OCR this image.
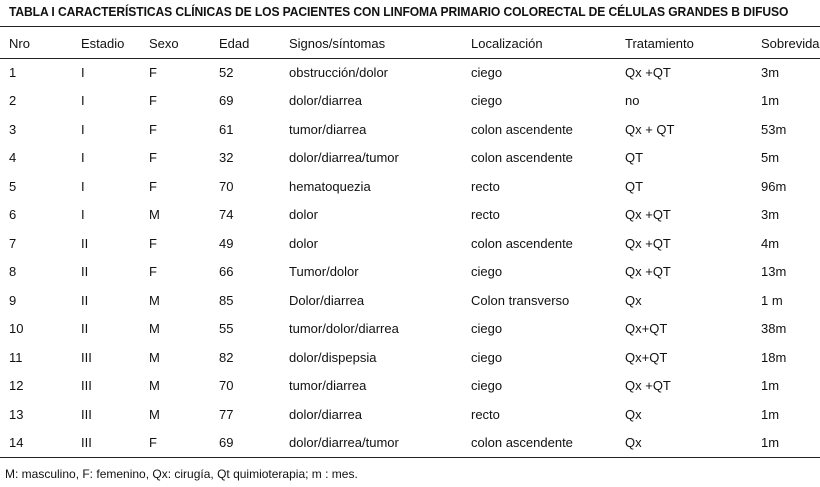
TABLA I CARACTERÍSTICAS CLÍNICAS DE LOS PACIENTES CON LINFOMA PRIMARIO COLORECTAL DE CÉLULAS GRANDES B DIFUSO
Nro	Estadio	Sexo	Edad	Signos/síntomas	Localización	Tratamiento	Sobrevida
1	I	F	52	obstrucción/dolor	ciego	Qx +QT	3m
2	I	F	69	dolor/diarrea	ciego	no	1m
3	I	F	61	tumor/diarrea	colon ascendente	Qx + QT	53m
4	I	F	32	dolor/diarrea/tumor	colon ascendente	QT	5m
5	I	F	70	hematoquezia	recto	QT	96m
6	I	M	74	dolor	recto	Qx +QT	3m
7	II	F	49	dolor	colon ascendente	Qx +QT	4m
8	II	F	66	Tumor/dolor	ciego	Qx +QT	13m
9	II	M	85	Dolor/diarrea	Colon transverso	Qx	1 m
10	II	M	55	tumor/dolor/diarrea	ciego	Qx+QT	38m
11	III	M	82	dolor/dispepsia	ciego	Qx+QT	18m
12	III	M	70	tumor/diarrea	ciego	Qx +QT	1m
13	III	M	77	dolor/diarrea	recto	Qx	1m
14	III	F	69	dolor/diarrea/tumor	colon ascendente	Qx	1m
M: masculino, F: femenino, Qx: cirugía, Qt quimioterapia; m : mes.
